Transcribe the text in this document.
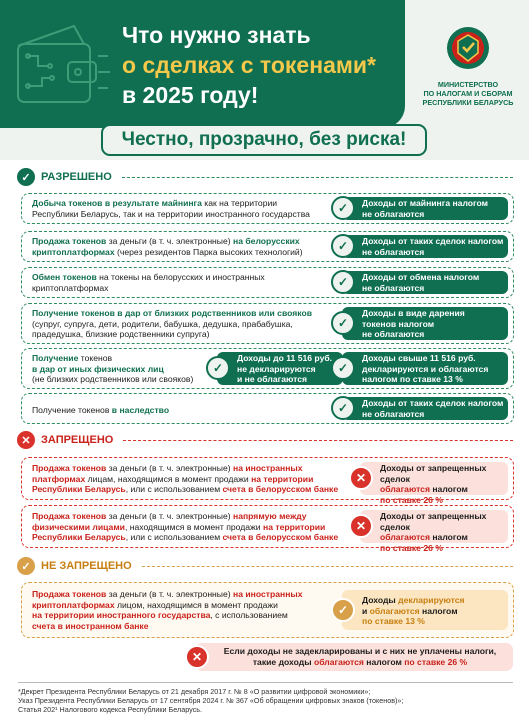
Что нужно знать
о сделках с токенами*
в 2025 году!	МИНИСТЕРСТВО
ПО НАЛОГАМ И СБОРАМ
РЕСПУБЛИКИ БЕЛАРУСЬ
Честно, прозрачно, без риска!
✓ РАЗРЕШЕНО
Добыча токенов в результате майнинга как на территории
Республики Беларусь, так и на территории иностранного государства	✓	Доходы от майнинга налогом
не облагаются
Продажа токенов за деньги (в т. ч. электронные) на белорусских
криптоплатформах (через резидентов Парка высоких технологий)	✓	Доходы от таких сделок налогом
не облагаются
Обмен токенов на токены на белорусских и иностранных
криптоплатформах	✓	Доходы от обмена налогом
не облагаются
Получение токенов в дар от близких родственников или свояков
(супруг, супруга, дети, родители, бабушка, дедушка, прабабушка,
прадедушка, близкие родственники супруга)
✓
Доходы в виде дарения
токенов налогом
не облагаются
Получение токенов
в дар от иных физических лиц
(не близких родственников или свояков)
✓
Доходы до 11 516 руб.
не декларируются
и не облагаются налогом
✓
Доходы свыше 11 516 руб.
декларируются и облагаются
налогом по ставке 13 %
Получение токенов в наследство	✓	Доходы от таких сделок налогом
не облагаются
✕ ЗАПРЕЩЕНО
Продажа токенов за деньги (в т. ч. электронные) на иностранных
платформах лицам, находящимся в момент продажи на территории
Республики Беларусь, или с использованием счета в белорусском банке
✕
Доходы от запрещенных сделок
облагаются налогом
по ставке 26 %
Продажа токенов за деньги (в т. ч. электронные) напрямую между
физическими лицами, находящимся в момент продажи на территории
Республики Беларусь, или с использованием счета в белорусском банке
✕
Доходы от запрещенных сделок
облагаются налогом
по ставке 26 %
✓ НЕ ЗАПРЕЩЕНО
Продажа токенов за деньги (в т. ч. электронные) на иностранных
криптоплатформах лицом, находящимся в момент продажи
на территории иностранного государства, с использованием
счета в иностранном банке
✓
Доходы декларируются
и облагаются налогом
по ставке 13 %
✕	Если доходы не задекларированы и с них не уплачены налоги,
такие доходы облагаются налогом по ставке 26 %
*Декрет Президента Республики Беларусь от 21 декабря 2017 г. № 8 «О развитии цифровой экономики»;
Указ Президента Республики Беларусь от 17 сентября 2024 г. № 367 «Об обращении цифровых знаков (токенов)»;
Статья 202¹ Налогового кодекса Республики Беларусь.
